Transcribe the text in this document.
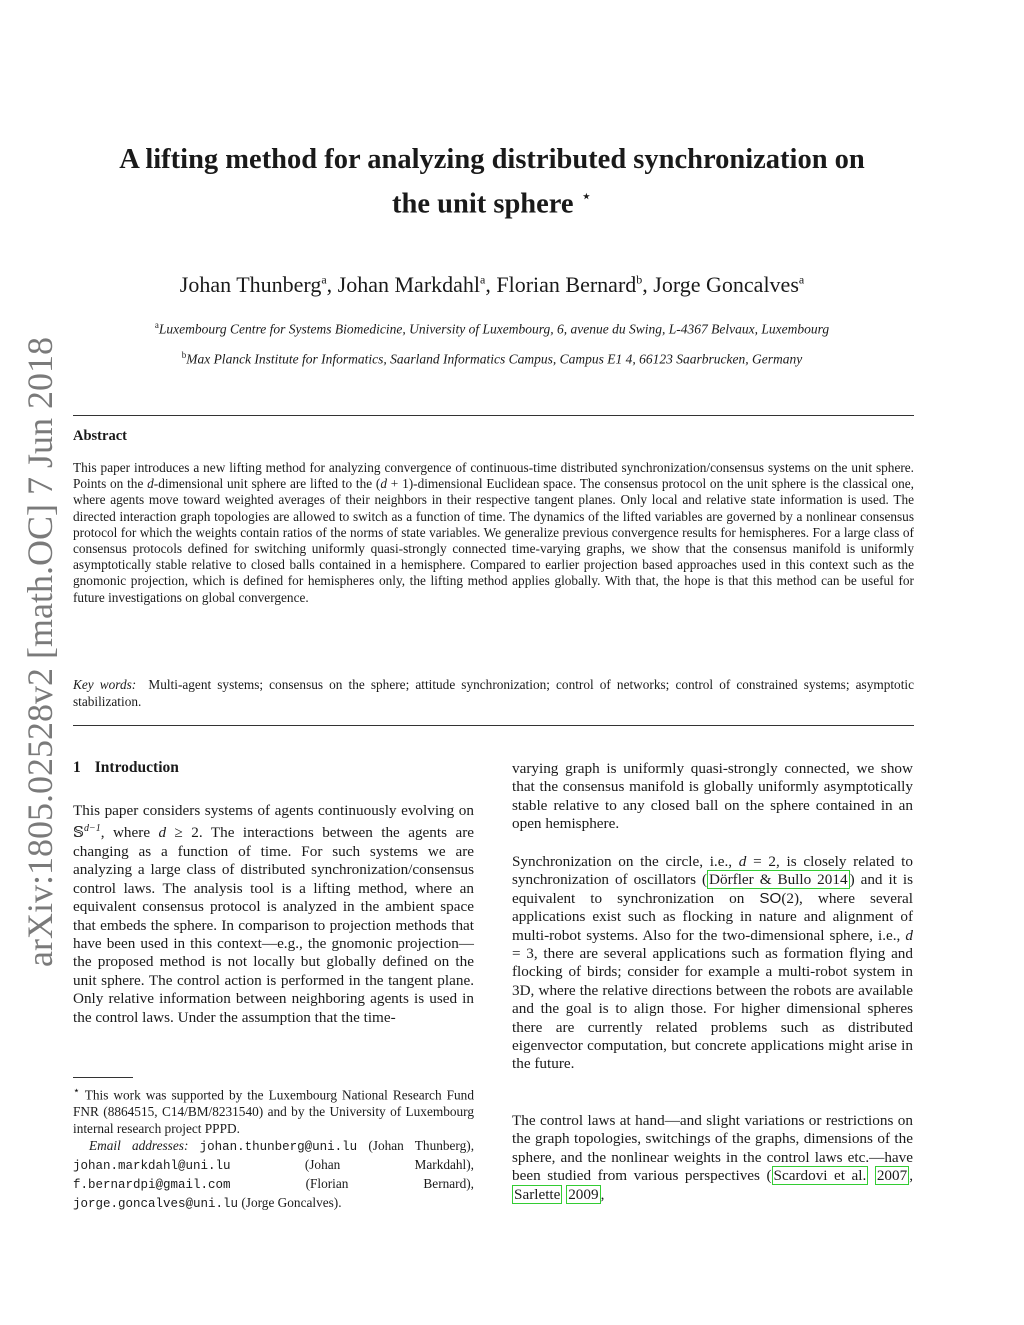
arXiv:1805.02528v2 [math.OC] 7 Jun 2018
A lifting method for analyzing distributed synchronization on
the unit sphere ⋆
Johan Thunberg$^a$, Johan Markdahl$^a$, Florian Bernard$^b$, Jorge Goncalves$^a$
$^a$Luxembourg Centre for Systems Biomedicine, University of Luxembourg, 6, avenue du Swing, L-4367 Belvaux, Luxembourg
$^b$Max Planck Institute for Informatics, Saarland Informatics Campus, Campus E1 4, 66123 Saarbrucken, Germany
Abstract

This paper introduces a new lifting method for analyzing convergence of continuous-time distributed synchronization/consensus systems on the unit sphere. Points on the d-dimensional unit sphere are lifted to the (d + 1)-dimensional Euclidean space. The consensus protocol on the unit sphere is the classical one, where agents move toward weighted averages of their neighbors in their respective tangent planes. Only local and relative state information is used. The directed interaction graph topologies are allowed to switch as a function of time. The dynamics of the lifted variables are governed by a nonlinear consensus protocol for which the weights contain ratios of the norms of state variables. We generalize previous convergence results for hemispheres. For a large class of consensus protocols defined for switching uniformly quasi-strongly connected time-varying graphs, we show that the consensus manifold is uniformly asymptotically stable relative to closed balls contained in a hemisphere. Compared to earlier projection based approaches used in this context such as the gnomonic projection, which is defined for hemispheres only, the lifting method applies globally. With that, the hope is that this method can be useful for future investigations on global convergence.

Key words: Multi-agent systems; consensus on the sphere; attitude synchronization; control of networks; control of constrained systems; asymptotic stabilization.

1 Introduction

This paper considers systems of agents continuously evolving on 𝕊$^{d-1}$, where d ≥ 2. The interactions between the agents are changing as a function of time. For such systems we are analyzing a large class of distributed synchronization/consensus control laws. The analysis tool is a lifting method, where an equivalent consensus protocol is analyzed in the ambient space that embeds the sphere. In comparison to projection methods that have been used in this context—e.g., the gnomonic projection—the proposed method is not locally but globally defined on the unit sphere. The control action is performed in the tangent plane. Only relative information between neighboring agents is used in the control laws. Under the assumption that the time-

⋆ This work was supported by the Luxembourg National Research Fund FNR (8864515, C14/BM/8231540) and by the University of Luxembourg internal research project PPPD.
Email addresses: johan.thunberg@uni.lu (Johan Thunberg), johan.markdahl@uni.lu	(Johan Markdahl), f.bernardpi@gmail.com	(Florian Bernard), jorge.goncalves@uni.lu (Jorge Goncalves).

varying graph is uniformly quasi-strongly connected, we show that the consensus manifold is globally uniformly asymptotically stable relative to any closed ball on the sphere contained in an open hemisphere.

Synchronization on the circle, i.e., d = 2, is closely related to synchronization of oscillators ( Dörfler & Bullo 2014 ) and it is equivalent to synchronization on SO(2), where several applications exist such as flocking in nature and alignment of multi-robot systems. Also for the two-dimensional sphere, i.e., d = 3, there are several applications such as formation flying and flocking of birds; consider for example a multi-robot system in 3D, where the relative directions between the robots are available and the goal is to align those. For higher dimensional spheres there are currently related problems such as distributed eigenvector computation, but concrete applications might arise in the future.

The control laws at hand—and slight variations or restrictions on the graph topologies, switchings of the graphs, dimensions of the sphere, and the nonlinear weights in the control laws etc.—have been studied from various perspectives ( Scardovi et al. 2007 , Sarlette 2009 ,
